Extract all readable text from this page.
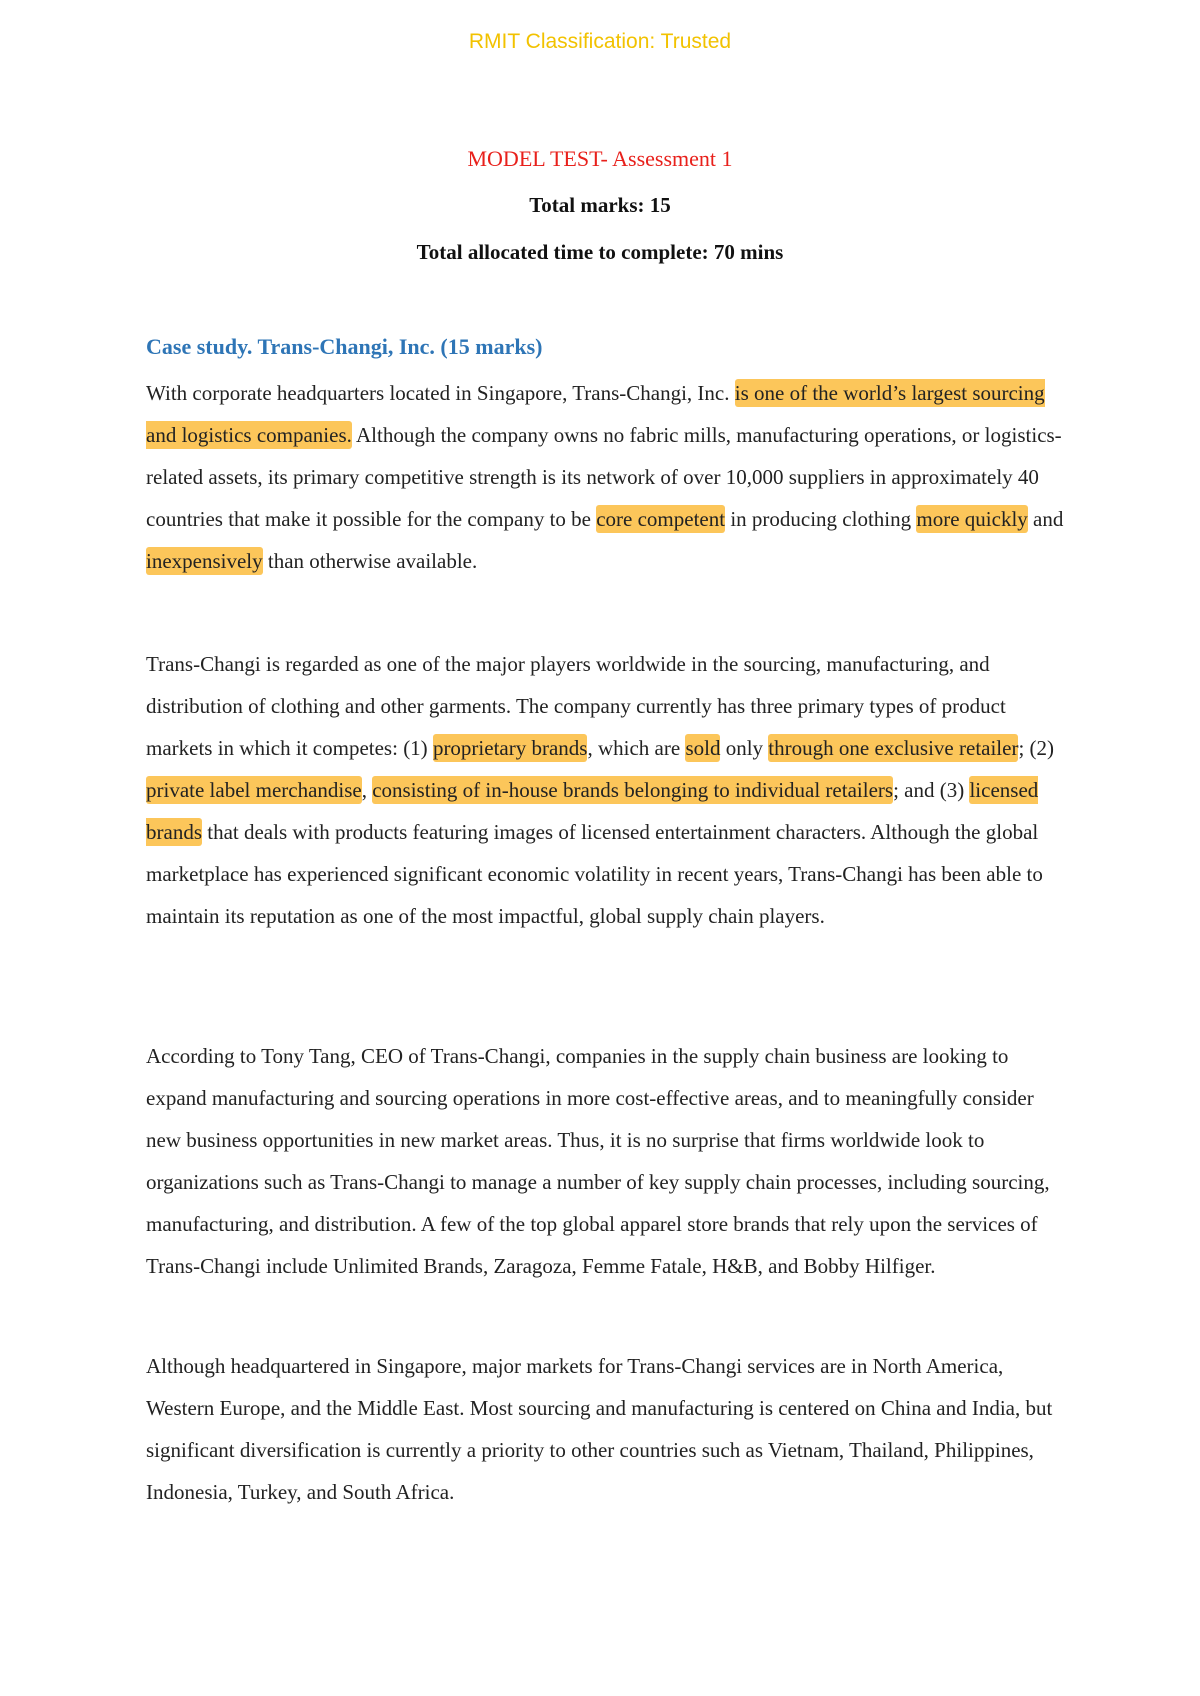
RMIT Classification: Trusted

MODEL TEST- Assessment 1

Total marks: 15

Total allocated time to complete: 70 mins

Case study. Trans-Changi, Inc. (15 marks)

With corporate headquarters located in Singapore, Trans-Changi, Inc. is one of the world’s largest sourcing and logistics companies. Although the company owns no fabric mills, manufacturing operations, or logistics-related assets, its primary competitive strength is its network of over 10,000 suppliers in approximately 40 countries that make it possible for the company to be core competent in producing clothing more quickly and inexpensively than otherwise available.

Trans-Changi is regarded as one of the major players worldwide in the sourcing, manufacturing, and distribution of clothing and other garments. The company currently has three primary types of product markets in which it competes: (1) proprietary brands, which are sold only through one exclusive retailer; (2) private label merchandise, consisting of in-house brands belonging to individual retailers; and (3) licensed brands that deals with products featuring images of licensed entertainment characters. Although the global marketplace has experienced significant economic volatility in recent years, Trans-Changi has been able to maintain its reputation as one of the most impactful, global supply chain players.

According to Tony Tang, CEO of Trans-Changi, companies in the supply chain business are looking to expand manufacturing and sourcing operations in more cost-effective areas, and to meaningfully consider new business opportunities in new market areas. Thus, it is no surprise that firms worldwide look to organizations such as Trans-Changi to manage a number of key supply chain processes, including sourcing, manufacturing, and distribution. A few of the top global apparel store brands that rely upon the services of Trans-Changi include Unlimited Brands, Zaragoza, Femme Fatale, H&B, and Bobby Hilfiger.

Although headquartered in Singapore, major markets for Trans-Changi services are in North America, Western Europe, and the Middle East. Most sourcing and manufacturing is centered on China and India, but significant diversification is currently a priority to other countries such as Vietnam, Thailand, Philippines, Indonesia, Turkey, and South Africa.
